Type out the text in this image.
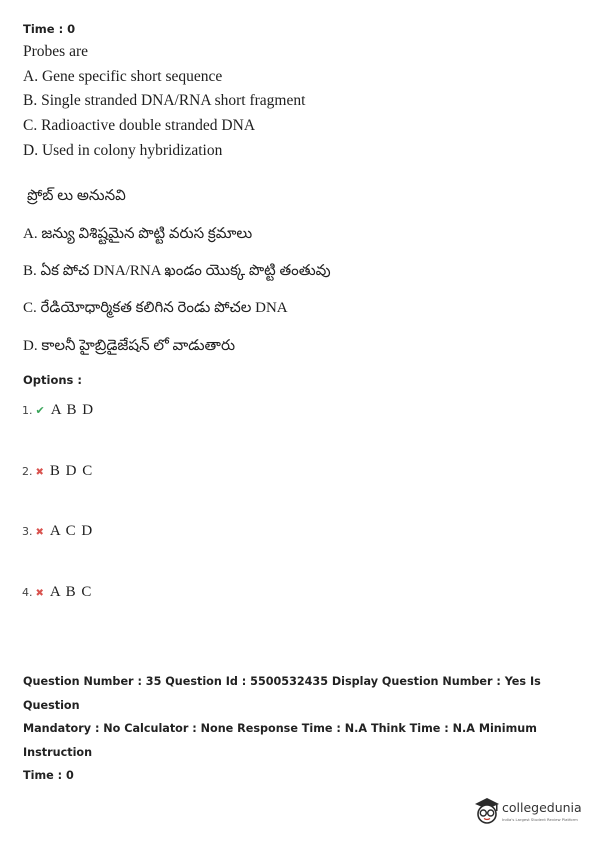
Time : 0
Probes are
A. Gene specific short sequence
B. Single stranded DNA/RNA short fragment
C. Radioactive double stranded DNA
D. Used in colony hybridization
ప్రోబ్ లు అనునవి
A. జన్యు విశిష్టమైన పొట్టి వరుస క్రమాలు
B. ఏక పోచ DNA/RNA ఖండం యొక్క పొట్టి తంతువు
C. రేడియోధార్మికత కలిగిన రెండు పోచల DNA
D. కాలనీ హైబ్రిడైజేషన్ లో వాడుతారు
Options :
1. ✔ A B D
2. ✖ B D C
3. ✖ A C D
4. ✖ A B C
Question Number : 35 Question Id : 5500532435 Display Question Number : Yes Is Question
Mandatory : No Calculator : None Response Time : N.A Think Time : N.A Minimum Instruction
Time : 0
collegedunia
India's Largest Student Review Platform
